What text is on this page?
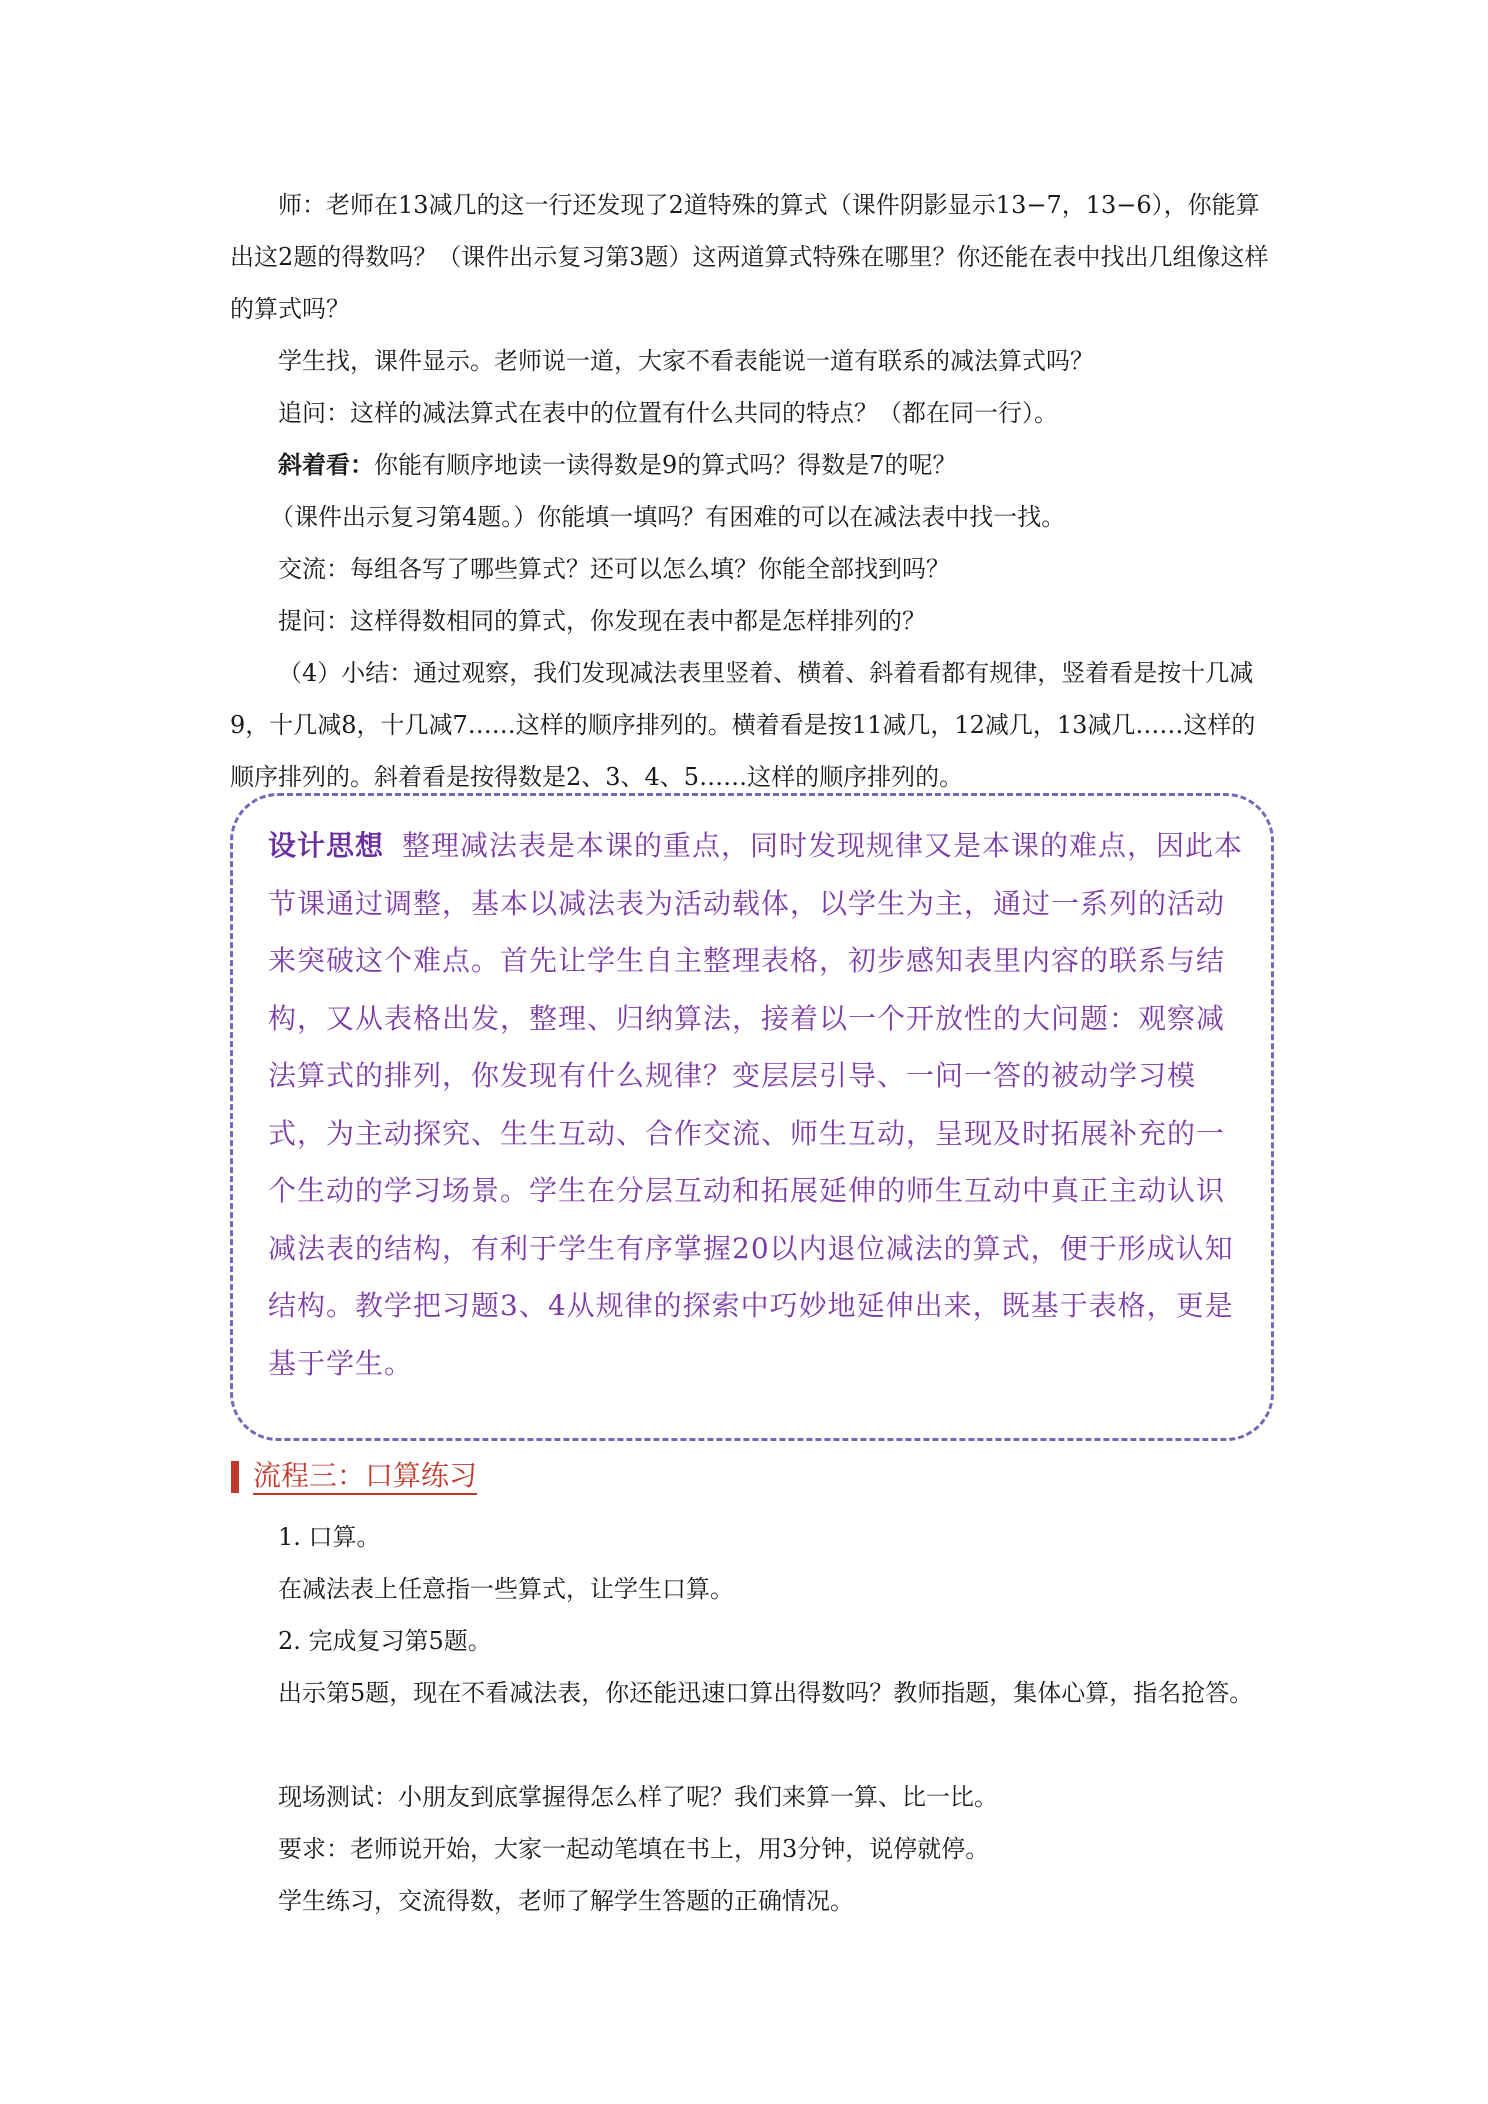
师：老师在13减几的这一行还发现了2道特殊的算式（课件阴影显示13−7，13−6），你能算出这2题的得数吗？（课件出示复习第3题）这两道算式特殊在哪里？你还能在表中找出几组像这样的算式吗？

学生找，课件显示。老师说一道，大家不看表能说一道有联系的减法算式吗？

追问：这样的减法算式在表中的位置有什么共同的特点？（都在同一行）。

斜着看：你能有顺序地读一读得数是9的算式吗？得数是7的呢？

（课件出示复习第4题。）你能填一填吗？有困难的可以在减法表中找一找。

交流：每组各写了哪些算式？还可以怎么填？你能全部找到吗？

提问：这样得数相同的算式，你发现在表中都是怎样排列的？

（4）小结：通过观察，我们发现减法表里竖着、横着、斜着看都有规律，竖着看是按十几减9，十几减8，十几减7……这样的顺序排列的。横着看是按11减几，12减几，13减几……这样的顺序排列的。斜着看是按得数是2、3、4、5……这样的顺序排列的。

设计思想 整理减法表是本课的重点，同时发现规律又是本课的难点，因此本节课通过调整，基本以减法表为活动载体，以学生为主，通过一系列的活动来突破这个难点。首先让学生自主整理表格，初步感知表里内容的联系与结构，又从表格出发，整理、归纳算法，接着以一个开放性的大问题：观察减法算式的排列，你发现有什么规律？变层层引导、一问一答的被动学习模式，为主动探究、生生互动、合作交流、师生互动，呈现及时拓展补充的一个生动的学习场景。学生在分层互动和拓展延伸的师生互动中真正主动认识减法表的结构，有利于学生有序掌握20以内退位减法的算式，便于形成认知结构。教学把习题3、4从规律的探索中巧妙地延伸出来，既基于表格，更是基于学生。

流程三：口算练习

1. 口算。

在减法表上任意指一些算式，让学生口算。

2. 完成复习第5题。

出示第5题，现在不看减法表，你还能迅速口算出得数吗？教师指题，集体心算，指名抢答。

现场测试：小朋友到底掌握得怎么样了呢？我们来算一算、比一比。

要求：老师说开始，大家一起动笔填在书上，用3分钟，说停就停。

学生练习，交流得数，老师了解学生答题的正确情况。
